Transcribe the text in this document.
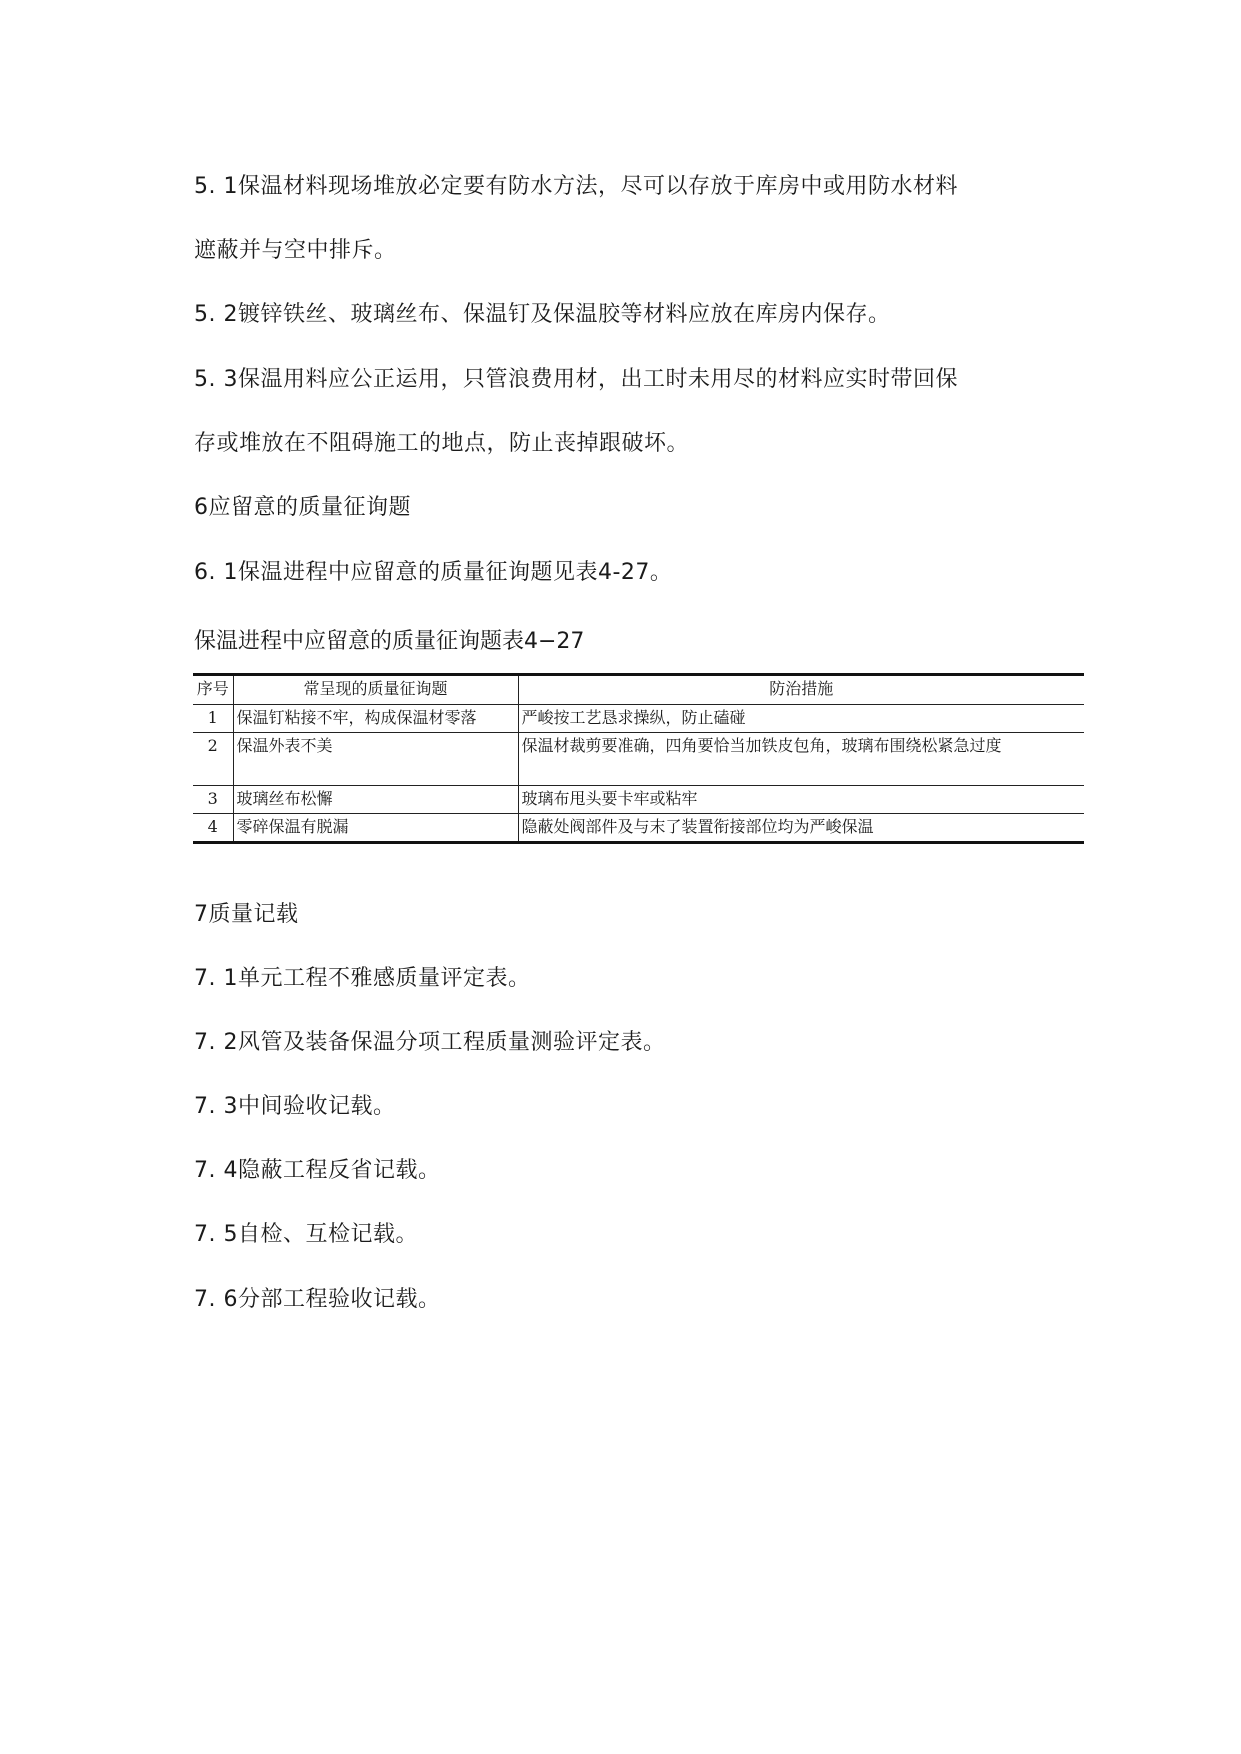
5. 1保温材料现场堆放必定要有防水方法，尽可以存放于库房中或用防水材料
遮蔽并与空中排斥。
5. 2镀锌铁丝、玻璃丝布、保温钉及保温胶等材料应放在库房内保存。
5. 3保温用料应公正运用，只管浪费用材，出工时未用尽的材料应实时带回保
存或堆放在不阻碍施工的地点，防止丧掉跟破坏。
6应留意的质量征询题
6. 1保温进程中应留意的质量征询题见表4-27。
保温进程中应留意的质量征询题表4−27
序号	常呈现的质量征询题	防治措施
1	保温钉粘接不牢，构成保温材零落	严峻按工艺恳求操纵，防止磕碰
2	保温外表不美	保温材裁剪要准确，四角要恰当加铁皮包角，玻璃布围绕松紧急过度
3	玻璃丝布松懈	玻璃布甩头要卡牢或粘牢
4	零碎保温有脱漏	隐蔽处阀部件及与末了装置衔接部位均为严峻保温
7质量记载
7. 1单元工程不雅感质量评定表。
7. 2风管及装备保温分项工程质量测验评定表。
7. 3中间验收记载。
7. 4隐蔽工程反省记载。
7. 5自检、互检记载。
7. 6分部工程验收记载。
